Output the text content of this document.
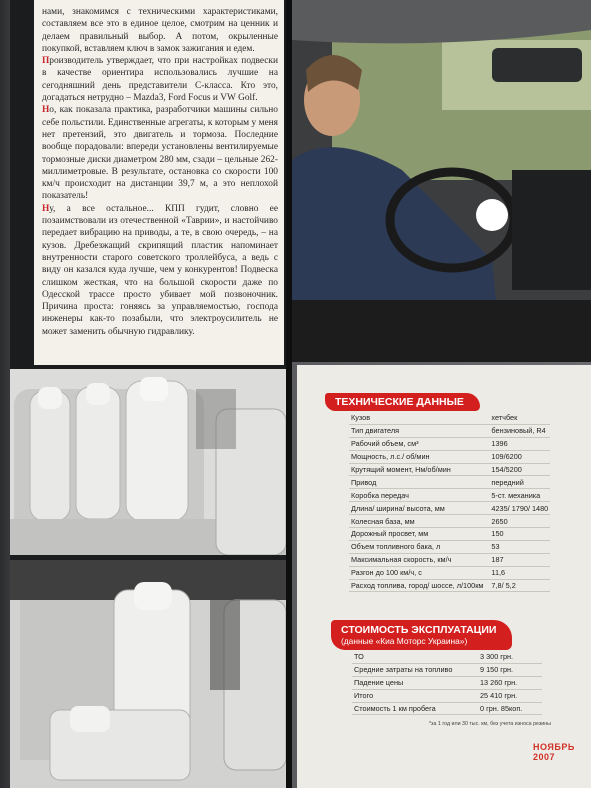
нами, знакомимся с техническими характеристиками, составляем все это в единое целое, смотрим на ценник и делаем правильный выбор. А потом, окрыленные покупкой, вставляем ключ в замок зажигания и едем.

Производитель утверждает, что при настройках подвески в качестве ориентира использовались лучшие на сегодняшний день представители С-класса. Кто это, догадаться нетрудно – Mazda3, Ford Focus и VW Golf.

Но, как показала практика, разработчики машины сильно себе польстили. Единственные агрегаты, к которым у меня нет претензий, это двигатель и тормоза. Последние вообще порадовали: впереди установлены вентилируемые тормозные диски диаметром 280 мм, сзади – цельные 262-миллиметровые. В результате, остановка со скорости 100 км/ч происходит на дистанции 39,7 м, а это неплохой показатель!

Ну, а все остальное... КПП гудит, словно ее позаимствовали из отечественной «Таврии», и настойчиво передает вибрацию на приводы, а те, в свою очередь, – на кузов. Дребезжащий скрипящий пластик напоминает внутренности старого советского троллейбуса, а ведь с виду он казался куда лучше, чем у конкурентов! Подвеска слишком жесткая, что на большой скорости даже по Одесской трассе просто убивает мой позвоночник. Причина проста: гоняясь за управляемостью, господа инженеры как-то позабыли, что электроусилитель не может заменить обычную гидравлику.

ТЕХНИЧЕСКИЕ ДАННЫЕ
Кузов	хетчбек
Тип двигателя	бензиновый, R4
Рабочий объем, см³	1396
Мощность, л.с./ об/мин	109/6200
Крутящий момент, Нм/об/мин	154/5200
Привод	передний
Коробка передач	5-ст. механика
Длина/ ширина/ высота, мм	4235/ 1790/ 1480
Колесная база, мм	2650
Дорожный просвет, мм	150
Объем топливного бака, л	53
Максимальная скорость, км/ч	187
Разгон до 100 км/ч, с	11,6
Расход топлива, город/ шоссе, л/100км	7,8/ 5,2
СТОИМОСТЬ ЭКСПЛУАТАЦИИ
(данные «Киа Моторс Украина»)
ТО	3 300 грн.
Средние затраты на топливо	9 150 грн.
Падение цены	13 260 грн.
Итого	25 410 грн.
Стоимость 1 км пробега	0 грн. 85коп.
*за 1 год или 30 тыс. км, без учета износа резины
НОЯБРЬ 2007
